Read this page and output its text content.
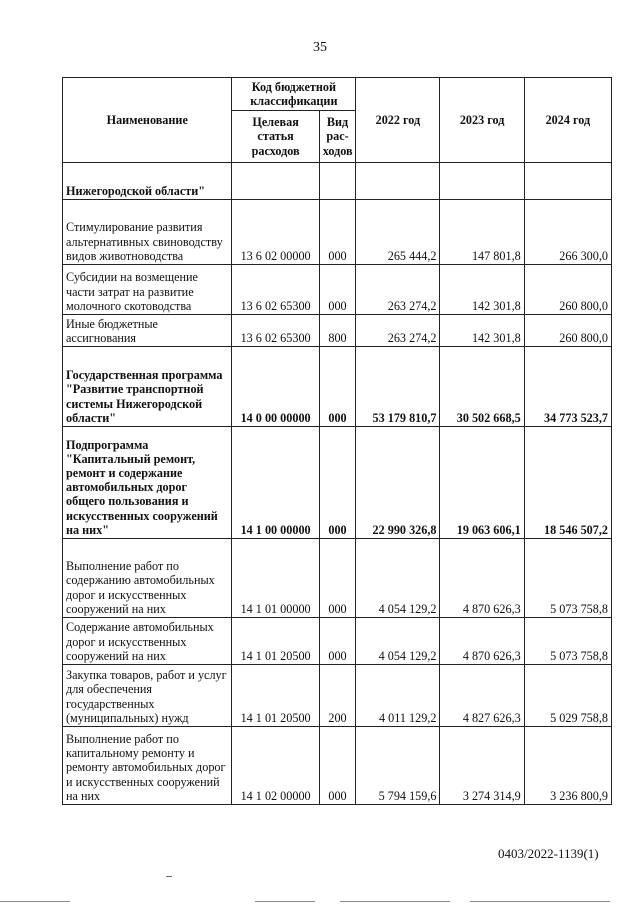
35
Наименование	Код бюджетной классификации		2022 год	2023 год	2024 год
	Целевая статья расходов	Вид рас-ходов			
Нижегородской области"					
Стимулирование развития альтернативных свиноводству видов животноводства	13 6 02 00000	000	265 444,2	147 801,8	266 300,0
Субсидии на возмещение части затрат на развитие молочного скотоводства	13 6 02 65300	000	263 274,2	142 301,8	260 800,0
Иные бюджетные ассигнования	13 6 02 65300	800	263 274,2	142 301,8	260 800,0
Государственная программа "Развитие транспортной системы Нижегородской области"	14 0 00 00000	000	53 179 810,7	30 502 668,5	34 773 523,7
Подпрограмма "Капитальный ремонт, ремонт и содержание автомобильных дорог общего пользования и искусственных сооружений на них"	14 1 00 00000	000	22 990 326,8	19 063 606,1	18 546 507,2
Выполнение работ по содержанию автомобильных дорог и искусственных сооружений на них	14 1 01 00000	000	4 054 129,2	4 870 626,3	5 073 758,8
Содержание автомобильных дорог и искусственных сооружений на них	14 1 01 20500	000	4 054 129,2	4 870 626,3	5 073 758,8
Закупка товаров, работ и услуг для обеспечения государственных (муниципальных) нужд	14 1 01 20500	200	4 011 129,2	4 827 626,3	5 029 758,8
Выполнение работ по капитальному ремонту и ремонту автомобильных дорог и искусственных сооружений на них	14 1 02 00000	000	5 794 159,6	3 274 314,9	3 236 800,9
0403/2022-1139(1)
